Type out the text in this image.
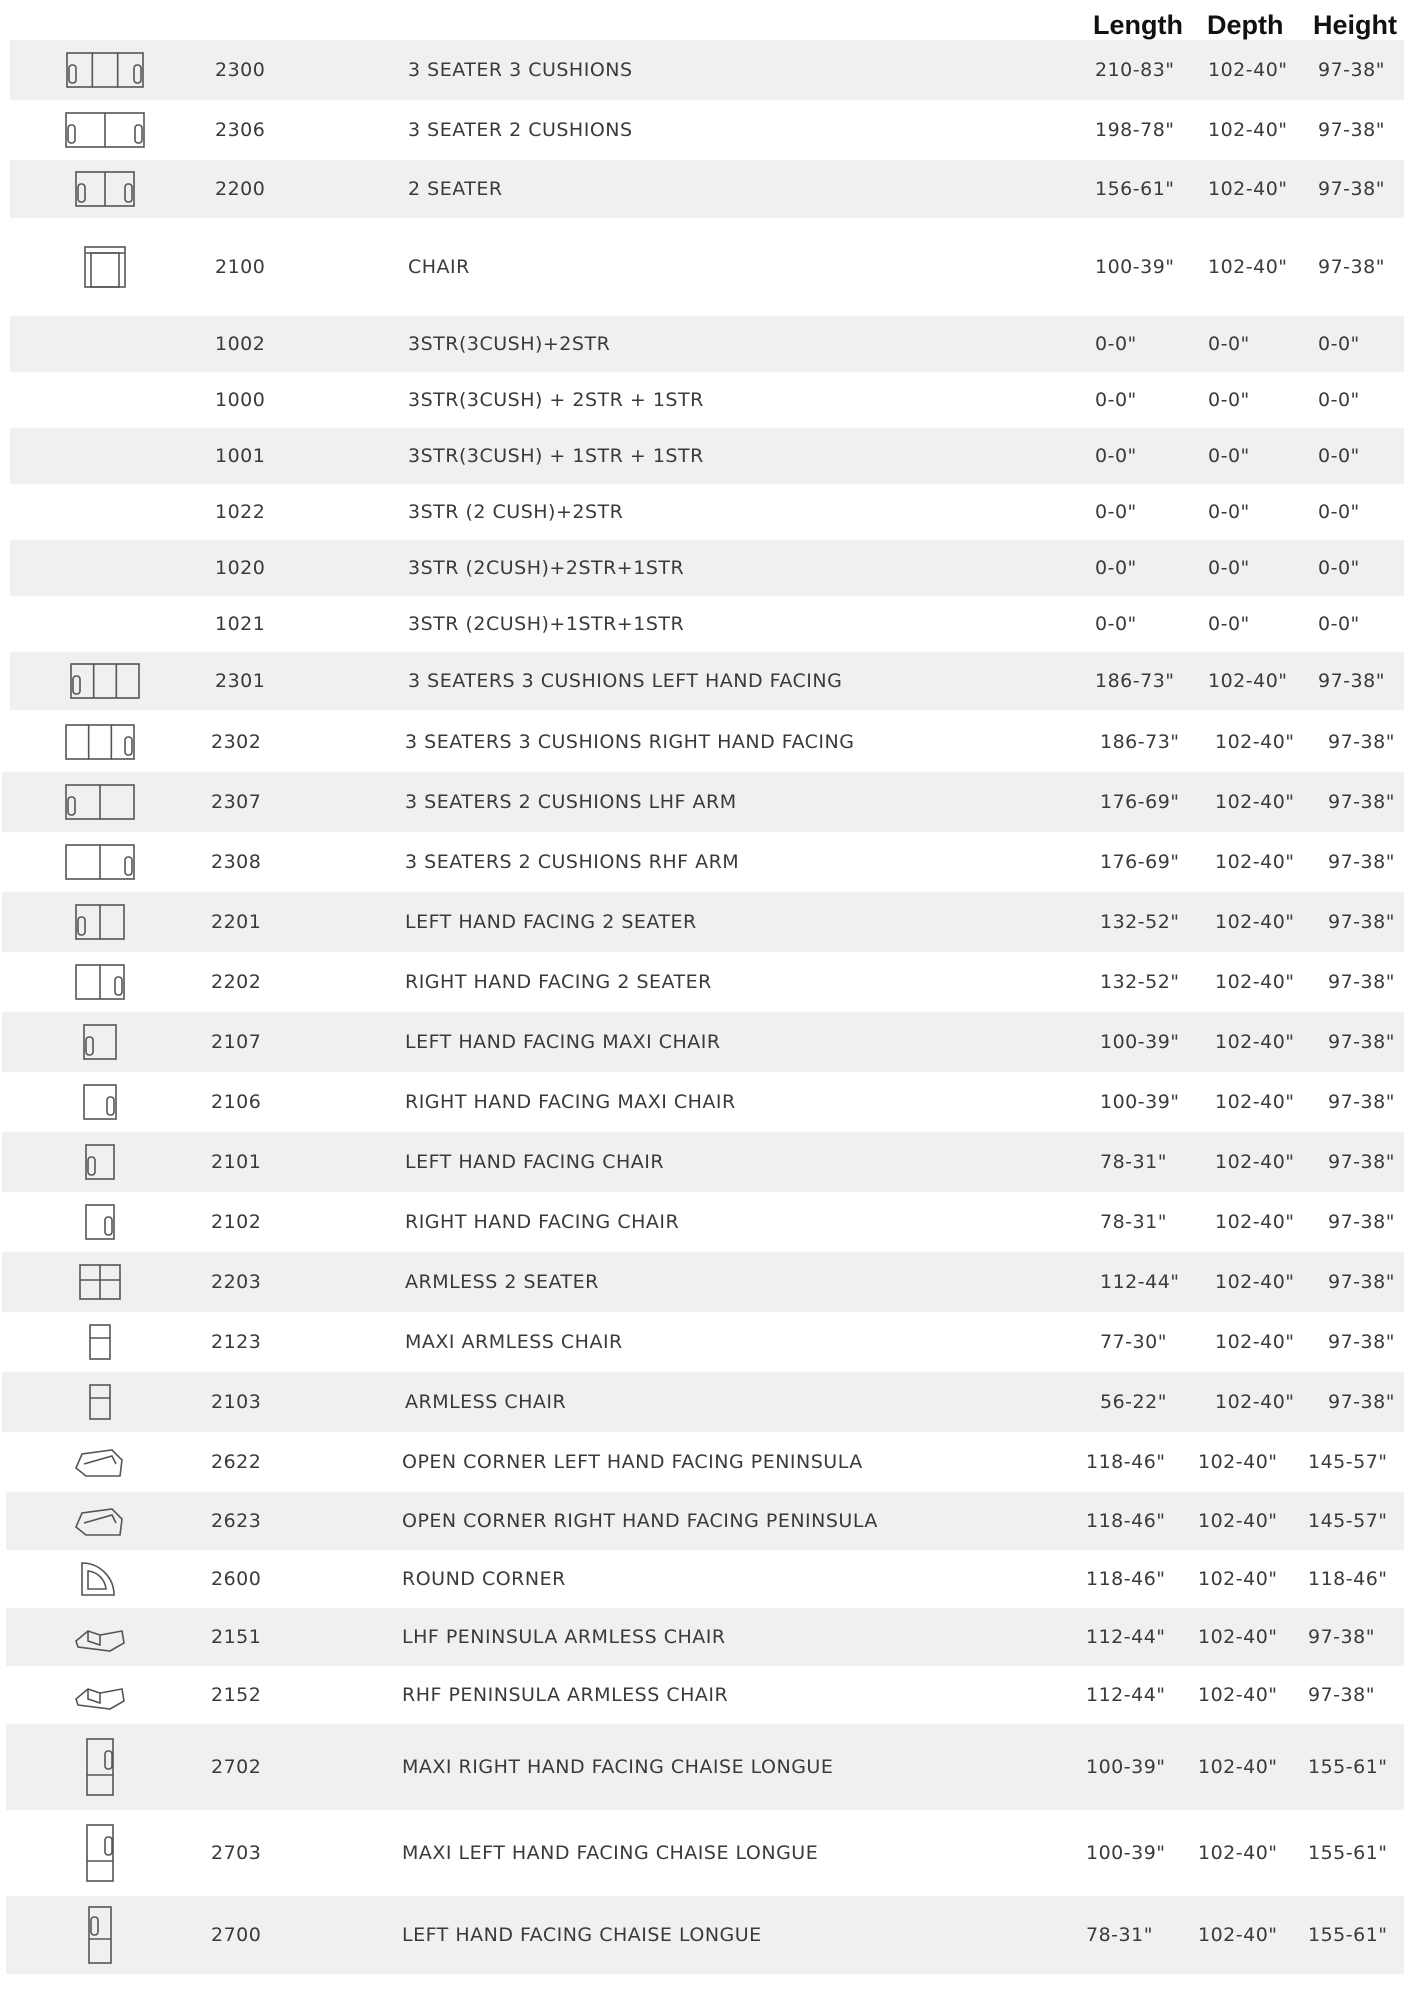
Length Depth Height
2300	3 SEATER 3 CUSHIONS	210-83" 102-40" 97-38"
2306	3 SEATER 2 CUSHIONS	198-78" 102-40" 97-38"
2200	2 SEATER	156-61" 102-40" 97-38"
2100	CHAIR	100-39" 102-40" 97-38"
1002	3STR(3CUSH)+2STR	0-0"	0-0"	0-0"
1000	3STR(3CUSH) + 2STR + 1STR	0-0"	0-0"	0-0"
1001	3STR(3CUSH) + 1STR + 1STR	0-0"	0-0"	0-0"
1022	3STR (2 CUSH)+2STR	0-0"	0-0"	0-0"
1020	3STR (2CUSH)+2STR+1STR	0-0"	0-0"	0-0"
1021	3STR (2CUSH)+1STR+1STR	0-0"	0-0"	0-0"
2301	3 SEATERS 3 CUSHIONS LEFT HAND FACING	186-73" 102-40" 97-38"
2302	3 SEATERS 3 CUSHIONS RIGHT HAND FACING	186-73" 102-40" 97-38"
2307	3 SEATERS 2 CUSHIONS LHF ARM	176-69" 102-40" 97-38"
2308	3 SEATERS 2 CUSHIONS RHF ARM	176-69" 102-40" 97-38"
2201	LEFT HAND FACING 2 SEATER	132-52" 102-40" 97-38"
2202	RIGHT HAND FACING 2 SEATER	132-52" 102-40" 97-38"
2107	LEFT HAND FACING MAXI CHAIR	100-39" 102-40" 97-38"
2106	RIGHT HAND FACING MAXI CHAIR	100-39" 102-40" 97-38"
2101	LEFT HAND FACING CHAIR	78-31"	102-40" 97-38"
2102	RIGHT HAND FACING CHAIR	78-31"	102-40" 97-38"
2203	ARMLESS 2 SEATER	112-44" 102-40" 97-38"
2123	MAXI ARMLESS CHAIR	77-30"	102-40" 97-38"
2103	ARMLESS CHAIR	56-22"	102-40" 97-38"
2622	OPEN CORNER LEFT HAND FACING PENINSULA	118-46" 102-40" 145-57"
2623	OPEN CORNER RIGHT HAND FACING PENINSULA	118-46" 102-40" 145-57"
2600	ROUND CORNER	118-46" 102-40" 118-46"
2151	LHF PENINSULA ARMLESS CHAIR	112-44" 102-40" 97-38"
2152	RHF PENINSULA ARMLESS CHAIR	112-44" 102-40" 97-38"
2702	MAXI RIGHT HAND FACING CHAISE LONGUE	100-39" 102-40" 155-61"
2703	MAXI LEFT HAND FACING CHAISE LONGUE	100-39" 102-40" 155-61"
2700	LEFT HAND FACING CHAISE LONGUE	78-31" 102-40" 155-61"
